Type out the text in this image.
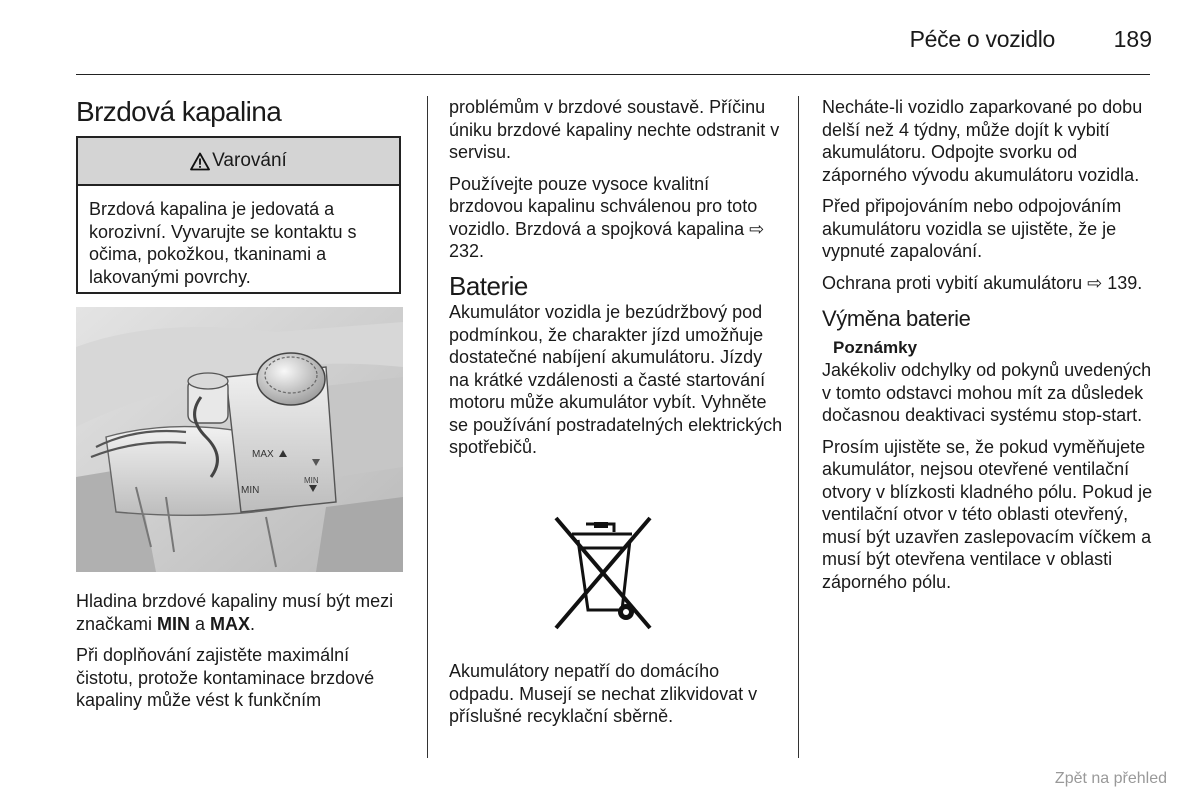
Péče o vozidlo	189
Brzdová kapalina
Varování
Brzdová kapalina je jedovatá a korozivní. Vyvarujte se kontaktu s očima, pokožkou, tkaninami a lakovanými povrchy.
MAX
MIN
MIN

Hladina brzdové kapaliny musí být mezi značkami MIN a MAX.

Při doplňování zajistěte maximální čistotu, protože kontaminace brzdové kapaliny může vést k funkčním

problémům v brzdové soustavě. Příčinu úniku brzdové kapaliny nechte odstranit v servisu.

Používejte pouze vysoce kvalitní brzdovou kapalinu schválenou pro toto vozidlo. Brzdová a spojková kapalina ⇨ 232.

Baterie

Akumulátor vozidla je bezúdržbový pod podmínkou, že charakter jízd umožňuje dostatečné nabíjení akumulátoru. Jízdy na krátké vzdálenosti a časté startování motoru může akumulátor vybít. Vyhněte se používání postradatelných elektrických spotřebičů.

Akumulátory nepatří do domácího odpadu. Musejí se nechat zlikvidovat v příslušné recyklační sběrně.

Necháte-li vozidlo zaparkované po dobu delší než 4 týdny, může dojít k vybití akumulátoru. Odpojte svorku od záporného vývodu akumulátoru vozidla.

Před připojováním nebo odpojováním akumulátoru vozidla se ujistěte, že je vypnuté zapalování.

Ochrana proti vybití akumulátoru ⇨ 139.

Výměna baterie
Poznámky

Jakékoliv odchylky od pokynů uvedených v tomto odstavci mohou mít za důsledek dočasnou deaktivaci systému stop-start.

Prosím ujistěte se, že pokud vyměňujete akumulátor, nejsou otevřené ventilační otvory v blízkosti kladného pólu. Pokud je ventilační otvor v této oblasti otevřený, musí být uzavřen zaslepovacím víčkem a musí být otevřena ventilace v oblasti záporného pólu.

Zpět na přehled
